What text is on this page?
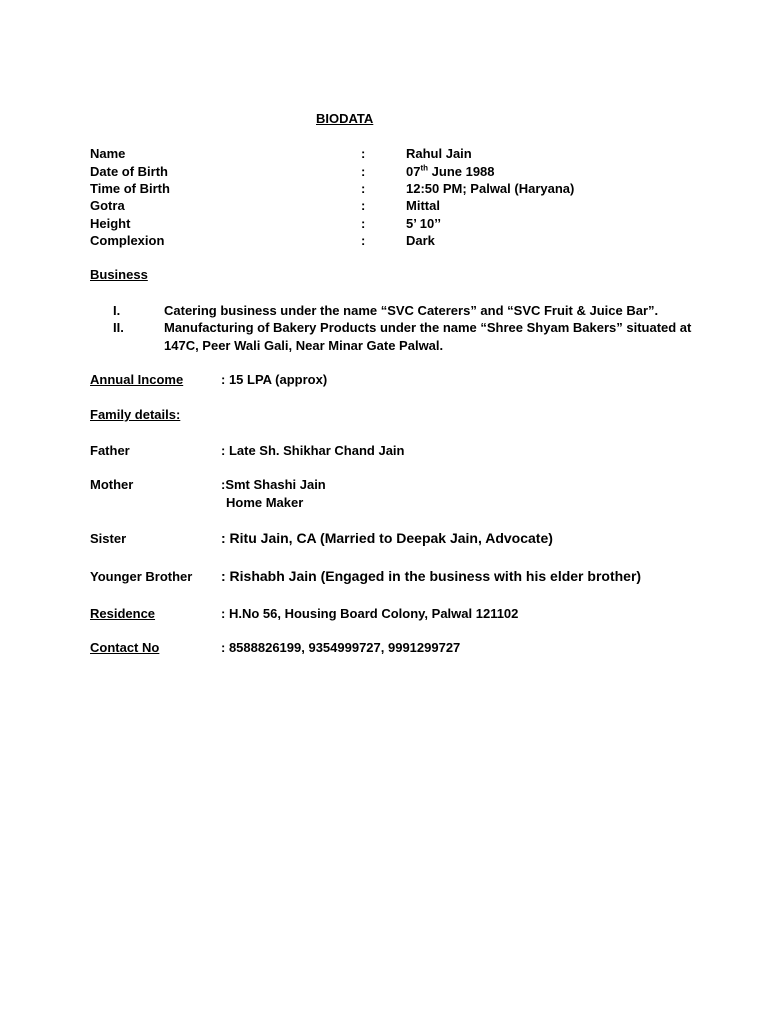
BIODATA
Name	:	Rahul Jain
Date of Birth	:	07th June 1988
Time of Birth	:	12:50 PM; Palwal (Haryana)
Gotra	:	Mittal
Height	:	5’ 10’’
Complexion	:	Dark
Business
I.	Catering business under the name “SVC Caterers” and “SVC Fruit & Juice Bar”.
II.	Manufacturing of Bakery Products under the name “Shree Shyam Bakers” situated at
147C, Peer Wali Gali, Near Minar Gate Palwal.
Annual Income	: 15 LPA (approx)
Family details:
Father	: Late Sh. Shikhar Chand Jain
Mother	:Smt Shashi Jain
Home Maker
Sister	: Ritu Jain, CA (Married to Deepak Jain, Advocate)
Younger Brother : Rishabh Jain (Engaged in the business with his elder brother)
Residence	: H.No 56, Housing Board Colony, Palwal 121102
Contact No	: 8588826199, 9354999727, 9991299727
